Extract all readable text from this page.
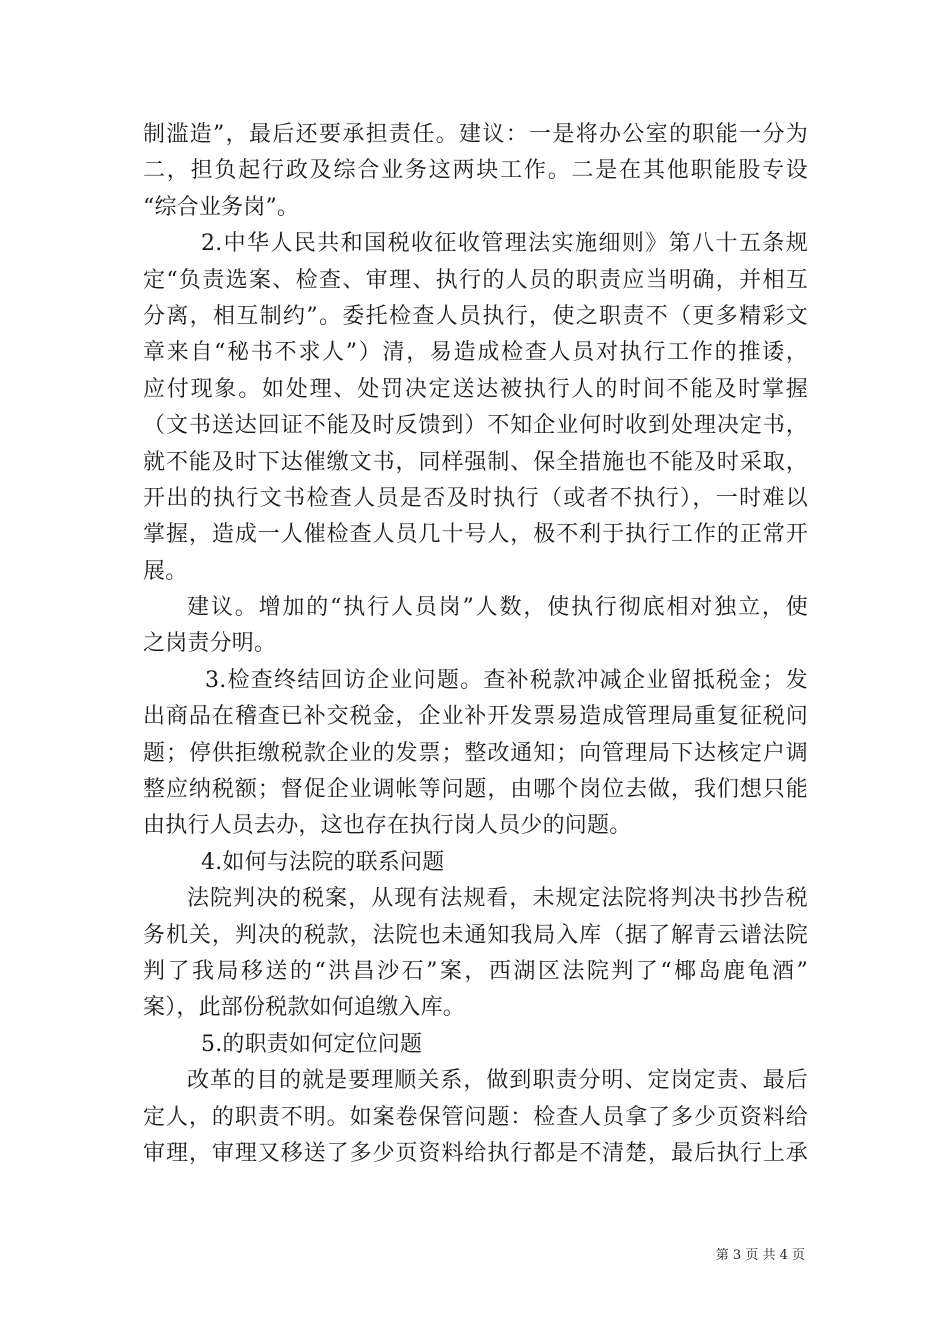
制滥造”，最后还要承担责任。建议：一是将办公室的职能一分为
二，担负起行政及综合业务这两块工作。二是在其他职能股专设
“综合业务岗”。
2.中华人民共和国税收征收管理法实施细则》第八十五条规
定“负责选案、检查、审理、执行的人员的职责应当明确，并相互
分离，相互制约”。委托检查人员执行，使之职责不（更多精彩文
章来自“秘书不求人”）清，易造成检查人员对执行工作的推诿，
应付现象。如处理、处罚决定送达被执行人的时间不能及时掌握
（文书送达回证不能及时反馈到）不知企业何时收到处理决定书，
就不能及时下达催缴文书，同样强制、保全措施也不能及时采取，
开出的执行文书检查人员是否及时执行（或者不执行），一时难以
掌握，造成一人催检查人员几十号人，极不利于执行工作的正常开
展。
建议。增加的“执行人员岗”人数，使执行彻底相对独立，使
之岗责分明。
3.检查终结回访企业问题。查补税款冲减企业留抵税金；发
出商品在稽查已补交税金，企业补开发票易造成管理局重复征税问
题；停供拒缴税款企业的发票；整改通知；向管理局下达核定户调
整应纳税额；督促企业调帐等问题，由哪个岗位去做，我们想只能
由执行人员去办，这也存在执行岗人员少的问题。
4.如何与法院的联系问题
法院判决的税案，从现有法规看，未规定法院将判决书抄告税
务机关，判决的税款，法院也未通知我局入库（据了解青云谱法院
判了我局移送的“洪昌沙石”案，西湖区法院判了“椰岛鹿龟酒”
案），此部份税款如何追缴入库。
5.的职责如何定位问题
改革的目的就是要理顺关系，做到职责分明、定岗定责、最后
定人，的职责不明。如案卷保管问题：检查人员拿了多少页资料给
审理，审理又移送了多少页资料给执行都是不清楚，最后执行上承
第 3 页 共 4 页
